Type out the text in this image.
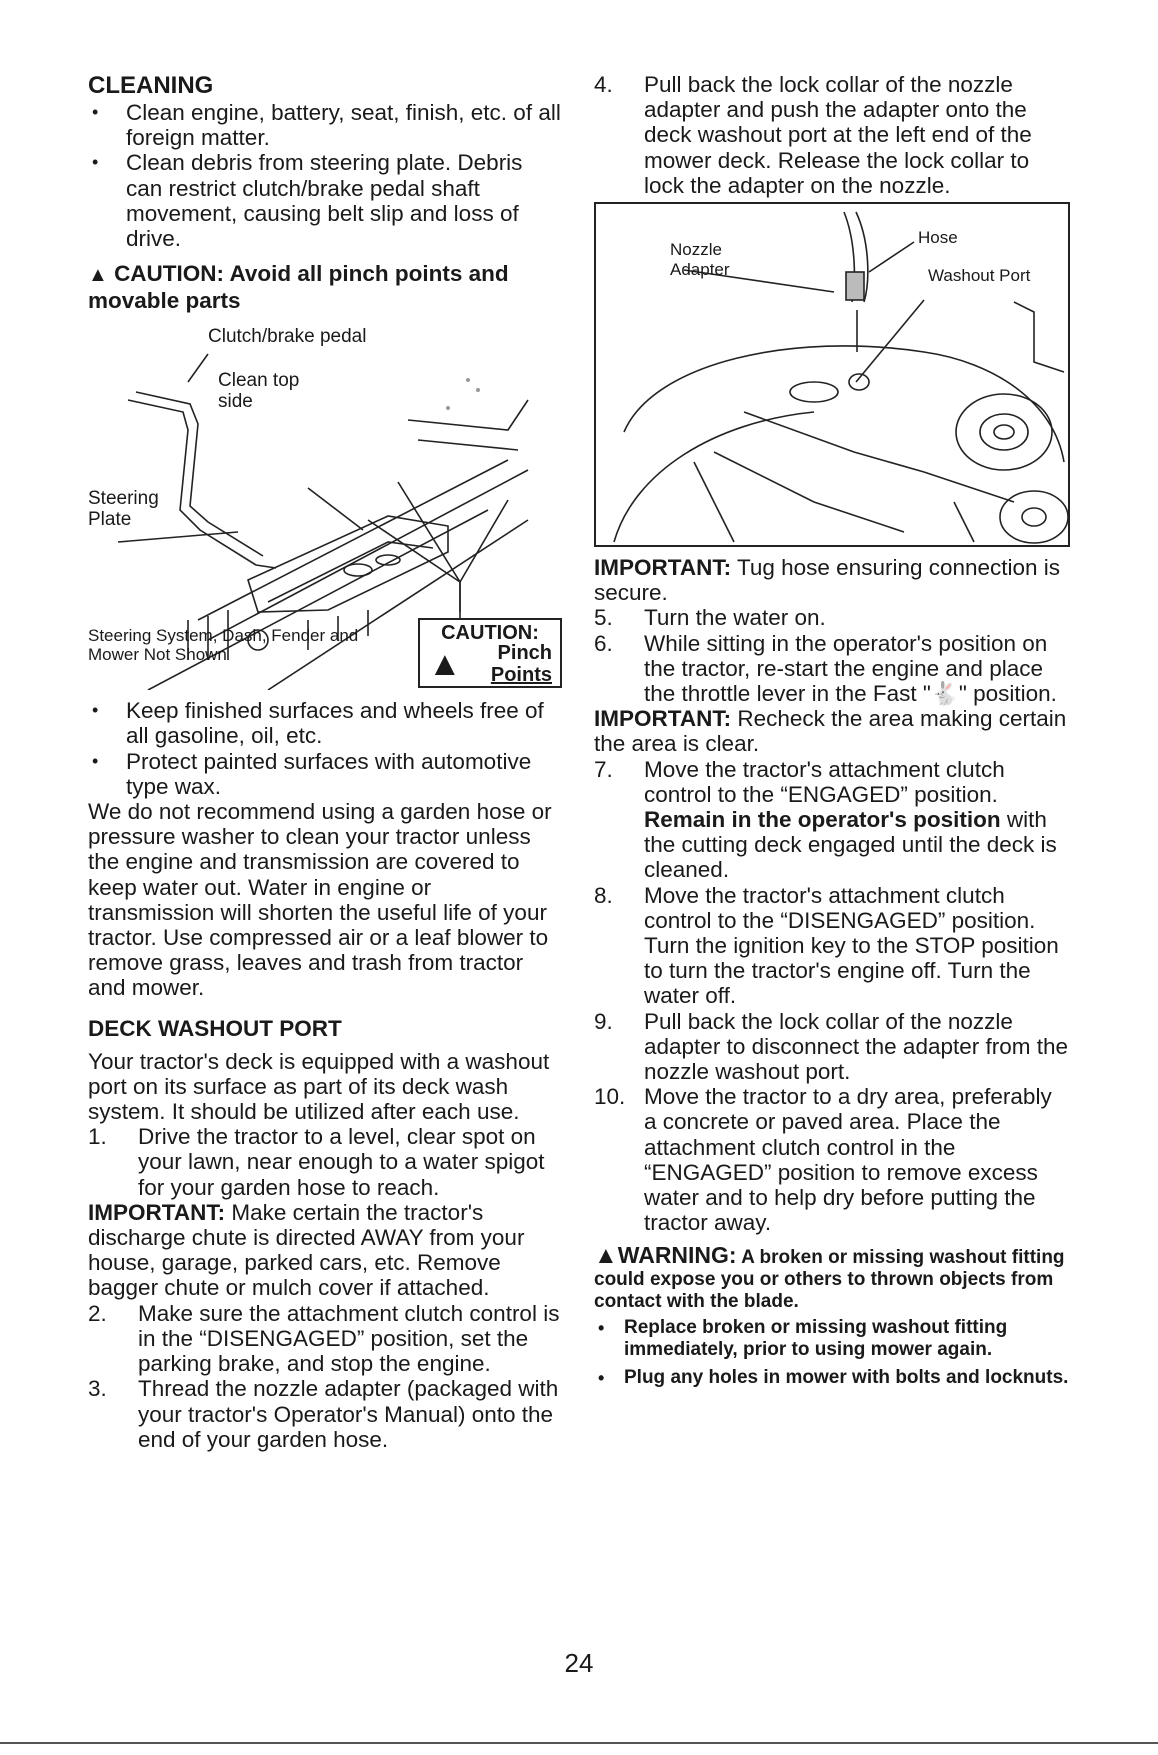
CLEANING

• Clean engine, battery, seat, finish, etc. of all foreign matter.

• Clean debris from steering plate. Debris can restrict clutch/brake pedal shaft movement, causing belt slip and loss of drive.

▲ CAUTION: Avoid all pinch points and movable parts
Clutch/brake pedal
Clean top side
Steering Plate
Steering System, Dash, Fender and Mower Not Shown
CAUTION:
▲	Pinch
Points

• Keep finished surfaces and wheels free of all gasoline, oil, etc.

• Protect painted surfaces with automotive type wax.

We do not recommend using a garden hose or pressure washer to clean your tractor unless the engine and transmission are covered to keep water out. Water in engine or transmission will shorten the useful life of your tractor. Use compressed air or a leaf blower to remove grass, leaves and trash from tractor and mower.

DECK WASHOUT PORT

Your tractor's deck is equipped with a washout port on its surface as part of its deck wash system. It should be utilized after each use.

1. Drive the tractor to a level, clear spot on your lawn, near enough to a water spigot for your garden hose to reach.

IMPORTANT: Make certain the tractor's discharge chute is directed AWAY from your house, garage, parked cars, etc. Remove bagger chute or mulch cover if attached.

2. Make sure the attachment clutch control is in the “DISENGAGED” position, set the parking brake, and stop the engine.
3. Thread the nozzle adapter (packaged with your tractor's Operator's Manual) onto the end of your garden hose.
4. Pull back the lock collar of the nozzle adapter and push the adapter onto the deck washout port at the left end of the mower deck. Release the lock collar to lock the adapter on the nozzle.
Nozzle
Adapter
Hose
Washout Port

IMPORTANT: Tug hose ensuring connection is secure.

5. Turn the water on.
6. While sitting in the operator's position on the tractor, re-start the engine and place the throttle lever in the Fast "🐇" position.

IMPORTANT: Recheck the area making certain the area is clear.

7. Move the tractor's attachment clutch control to the “ENGAGED” position. Remain in the operator's position with the cutting deck engaged until the deck is cleaned.
8. Move the tractor's attachment clutch control to the “DISENGAGED” position. Turn the ignition key to the STOP position to turn the tractor's engine off. Turn the water off.
9. Pull back the lock collar of the nozzle adapter to disconnect the adapter from the nozzle washout port.
10. Move the tractor to a dry area, preferably a concrete or paved area. Place the attachment clutch control in the “ENGAGED” position to remove excess water and to help dry before putting the tractor away.

▲WARNING: A broken or missing washout fitting could expose you or others to thrown objects from contact with the blade.

• Replace broken or missing washout fitting immediately, prior to using mower again.

• Plug any holes in mower with bolts and locknuts.

24
